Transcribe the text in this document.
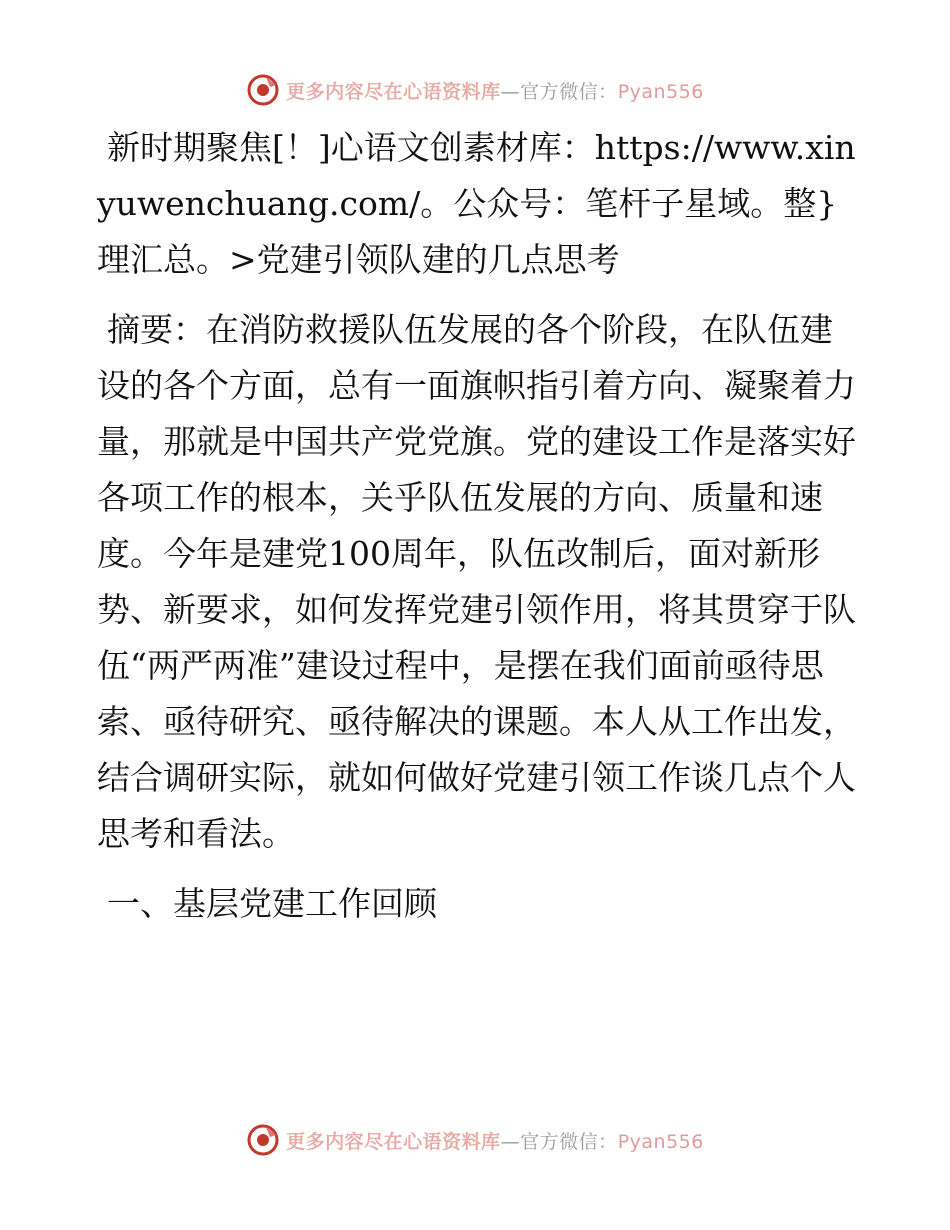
更多内容尽在心语资料库—官方微信：Pyan556

新时期聚焦[！]心语文创素材库：https://www.xinyuwenchuang.com/。公众号：笔杆子星域。整}理汇总。>党建引领队建的几点思考

摘要：在消防救援队伍发展的各个阶段，在队伍建设的各个方面，总有一面旗帜指引着方向、凝聚着力量，那就是中国共产党党旗。党的建设工作是落实好各项工作的根本，关乎队伍发展的方向、质量和速度。今年是建党100周年，队伍改制后，面对新形势、新要求，如何发挥党建引领作用，将其贯穿于队伍“两严两准”建设过程中，是摆在我们面前亟待思索、亟待研究、亟待解决的课题。本人从工作出发，结合调研实际，就如何做好党建引领工作谈几点个人思考和看法。

一、基层党建工作回顾

更多内容尽在心语资料库—官方微信：Pyan556
